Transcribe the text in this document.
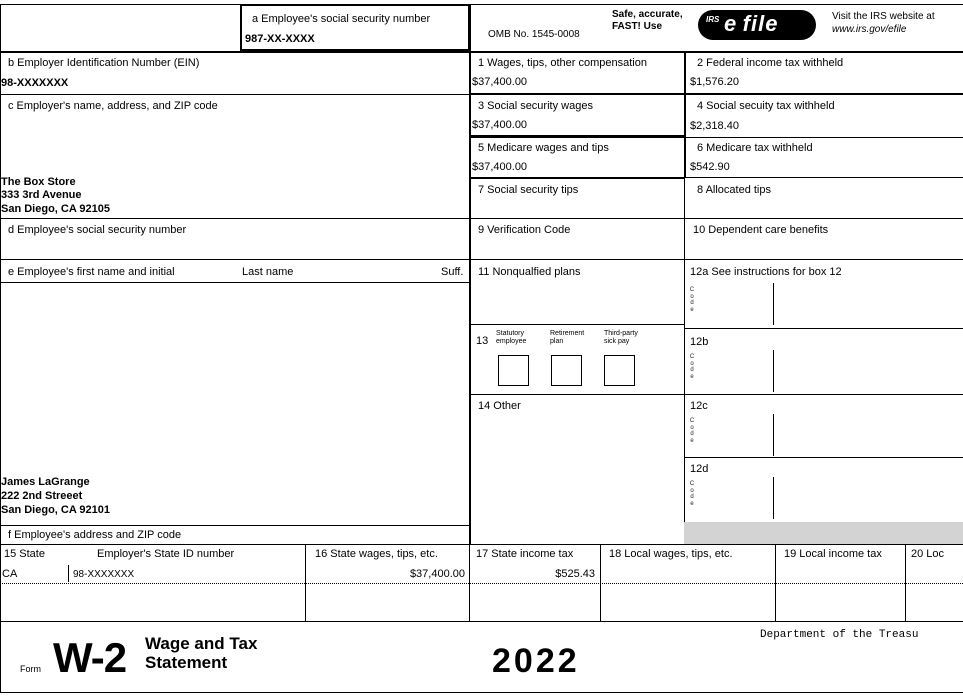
a Employee's social security number
987-XX-XXXX	OMB No. 1545-0008
Safe, accurate,
FAST! Use
IRS e file	Visit the IRS website at
www.irs.gov/efile
b Employer Identification Number (EIN)
98-XXXXXXX
c Employer's name, address, and ZIP code
The Box Store
333 3rd Avenue
San Diego, CA 92105
d Employee's social security number
e Employee's first name and initial	Last name	Suff.
James LaGrange
222 2nd Streeet
San Diego, CA 92101
f Employee's address and ZIP code
1 Wages, tips, other compensation
$37,400.00
2 Federal income tax withheld
$1,576.20
3 Social security wages
$37,400.00
4 Social secuity tax withheld
$2,318.40
5 Medicare wages and tips
$37,400.00
6 Medicare tax withheld
$542.90
7 Social security tips	8 Allocated tips
9 Verification Code	10 Dependent care benefits
11 Nonqualfied plans	12a See instructions for box 12
C
o
d
e
12b
C
o
d
e
12c
C
o
d
e
12d
C
o
d
e
13
Statutory employee
Retirement plan
Third-party sick pay
14 Other
15 State	Employer's State ID number	16 State wages, tips, etc.	17 State income tax	18 Local wages, tips, etc.	19 Local income tax	20 Loc
CA	98-XXXXXXX	$37,400.00	$525.43
Form W-2 Wage and Tax
Statement	2022
Department of the Treasu
